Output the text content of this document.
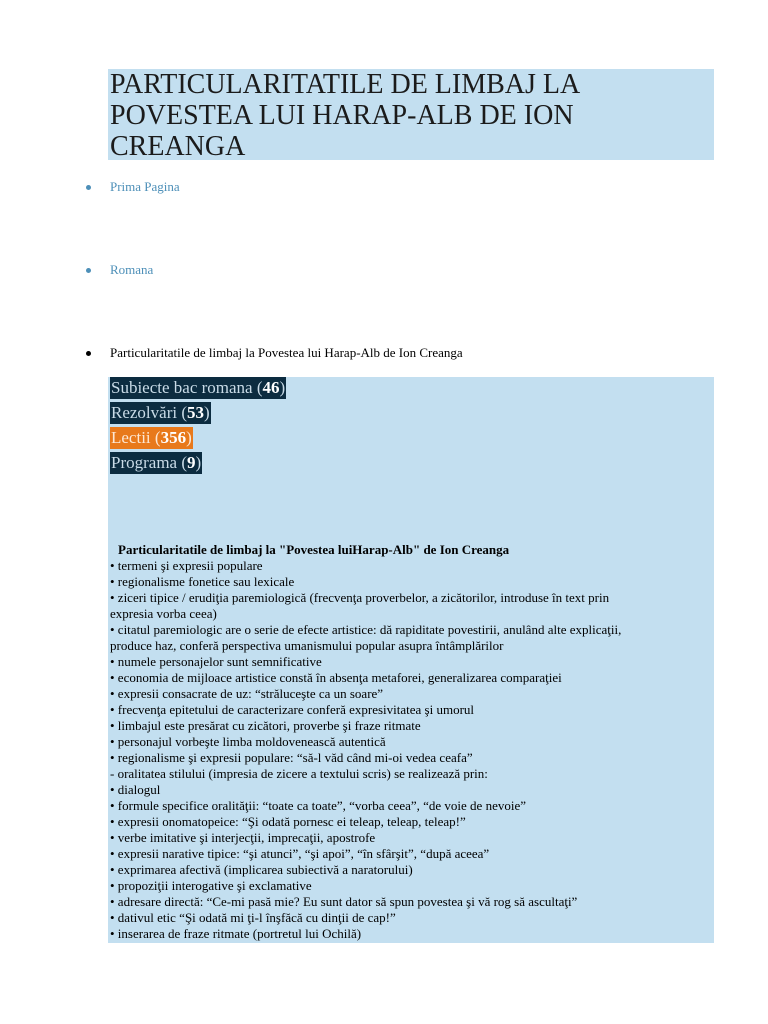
PARTICULARITATILE DE LIMBAJ LA
POVESTEA LUI HARAP-ALB DE ION
CREANGA
Prima Pagina
Romana
Particularitatile de limbaj la Povestea lui Harap-Alb de Ion Creanga
Subiecte bac romana (46)
Rezolvări (53)
Lectii (356)
Programa (9)
Particularitatile de limbaj la "Povestea luiHarap-Alb" de Ion Creanga
• termeni şi expresii populare
• regionalisme fonetice sau lexicale
• ziceri tipice / erudiţia paremiologică (frecvenţa proverbelor, a zicătorilor, introduse în text prin
expresia vorba ceea)
• citatul paremiologic are o serie de efecte artistice: dă rapiditate povestirii, anulând alte explicaţii,
produce haz, conferă perspectiva umanismului popular asupra întâmplărilor
• numele personajelor sunt semnificative
• economia de mijloace artistice constă în absenţa metaforei, generalizarea comparaţiei
• expresii consacrate de uz: “străluceşte ca un soare”
• frecvenţa epitetului de caracterizare conferă expresivitatea şi umorul
• limbajul este presărat cu zicători, proverbe şi fraze ritmate
• personajul vorbeşte limba moldovenească autentică
• regionalisme şi expresii populare: “să-l văd când mi-oi vedea ceafa”
- oralitatea stilului (impresia de zicere a textului scris) se realizează prin:
• dialogul
• formule specifice oralităţii: “toate ca toate”, “vorba ceea”, “de voie de nevoie”
• expresii onomatopeice: “Şi odată pornesc ei teleap, teleap, teleap!”
• verbe imitative şi interjecţii, imprecaţii, apostrofe
• expresii narative tipice: “şi atunci”, “şi apoi”, “în sfârşit”, “după aceea”
• exprimarea afectivă (implicarea subiectivă a naratorului)
• propoziţii interogative şi exclamative
• adresare directă: “Ce-mi pasă mie? Eu sunt dator să spun povestea şi vă rog să ascultaţi”
• dativul etic “Şi odată mi ţi-l înşfăcă cu dinţii de cap!”
• inserarea de fraze ritmate (portretul lui Ochilă)
